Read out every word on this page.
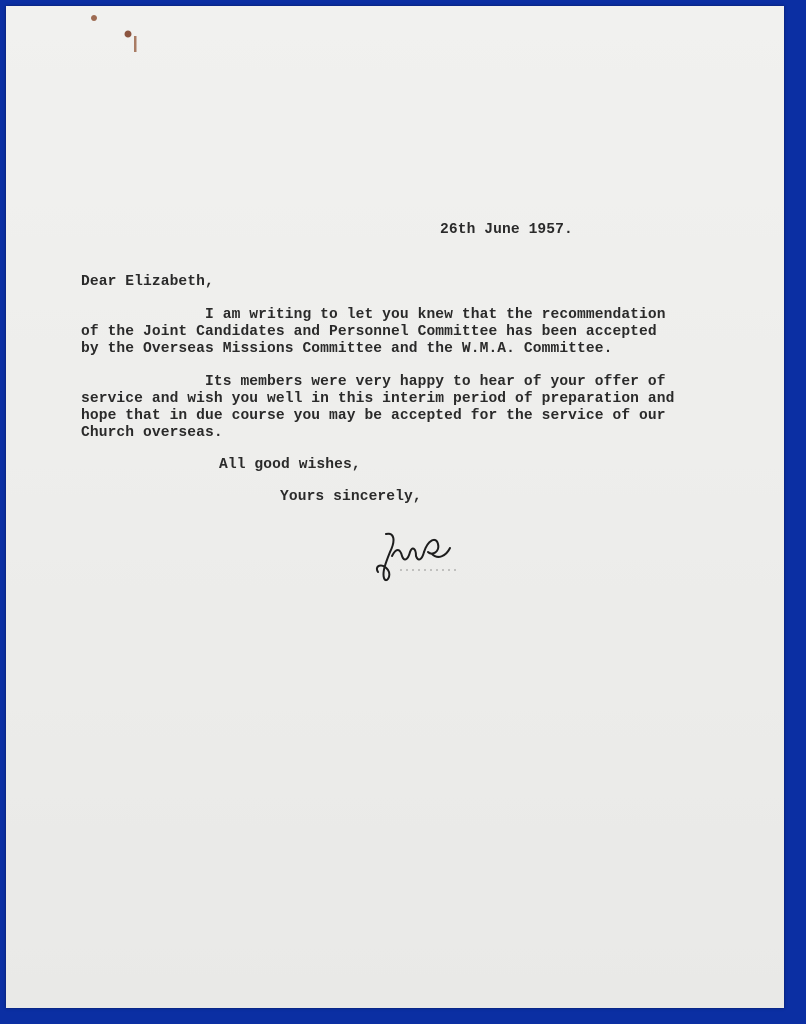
26th June 1957.
Dear Elizabeth,
I am writing to let you knew that the recommendation
of the Joint Candidates and Personnel Committee has been accepted
by the Overseas Missions Committee and the W.M.A. Committee.
Its members were very happy to hear of your offer of
service and wish you well in this interim period of preparation and
hope that in due course you may be accepted for the service of our
Church overseas.
All good wishes,
Yours sincerely,
